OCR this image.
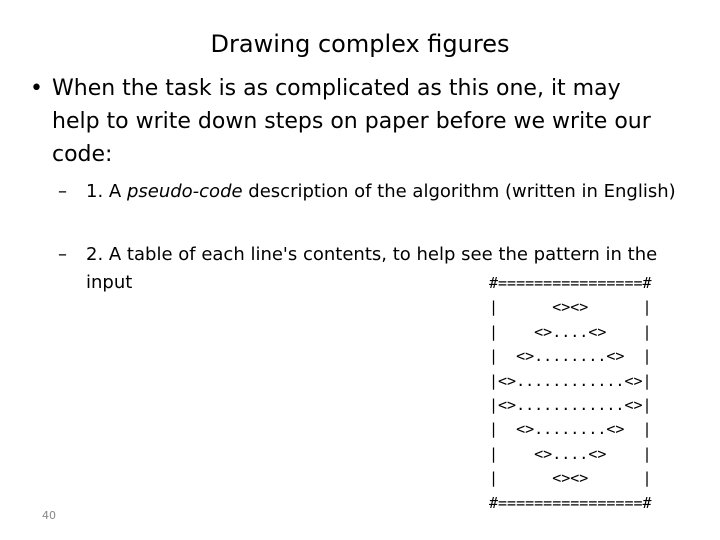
Drawing complex figures
• When the task is as complicated as this one, it may help to write down steps on paper before we write our code:
– 1. A pseudo-code description of the algorithm (written in English)
– 2. A table of each line's contents, to help see the pattern in the input	#================#
|      <><>      |
|    <>....<>    |
|  <>........<>  |
|<>............<>|
|<>............<>|
|  <>........<>  |
|    <>....<>    |
|      <><>      |
#================#
40
